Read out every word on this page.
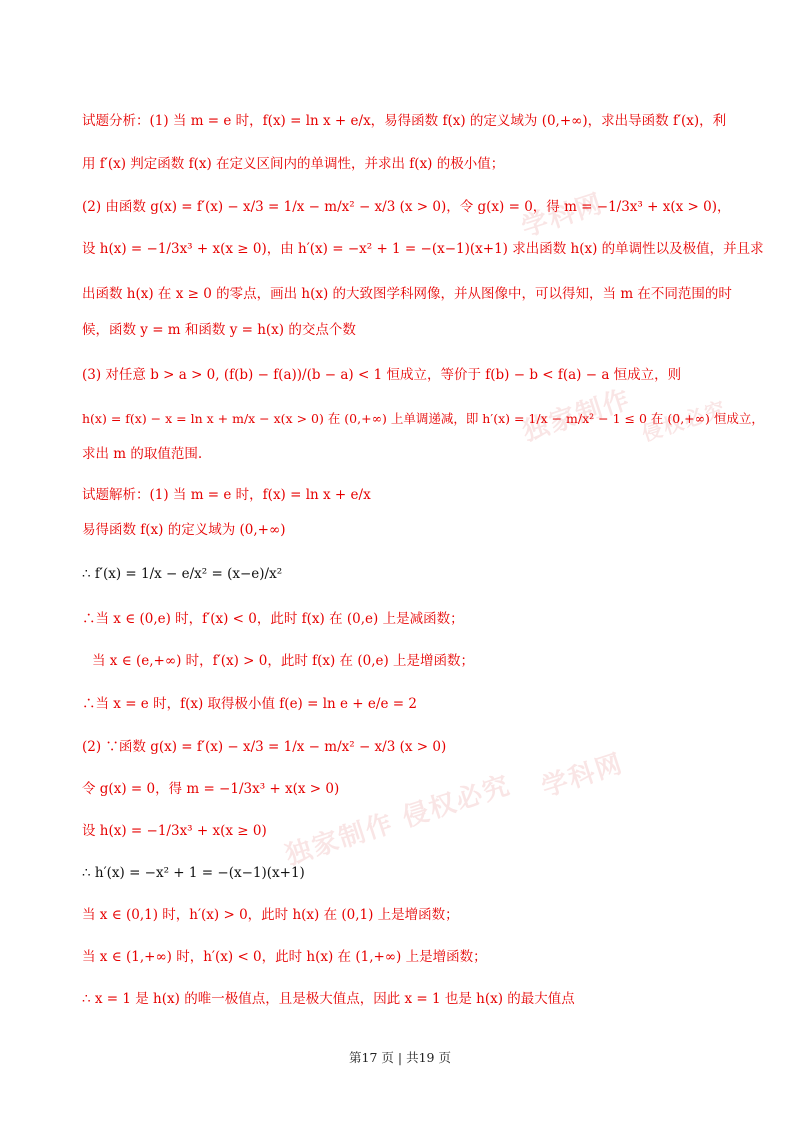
学科网
独家制作 侵权必究
学科网
独家制作 侵权必究
试题分析：(1) 当 m = e 时，f(x) = ln x + e/x，易得函数 f(x) 的定义域为 (0,+∞)，求出导函数 f′(x)，利
用 f′(x) 判定函数 f(x) 在定义区间内的单调性，并求出 f(x) 的极小值；
(2) 由函数 g(x) = f′(x) − x/3 = 1/x − m/x² − x/3 (x > 0)，令 g(x) = 0，得 m = −1/3x³ + x(x > 0)，
设 h(x) = −1/3x³ + x(x ≥ 0)，由 h′(x) = −x² + 1 = −(x−1)(x+1) 求出函数 h(x) 的单调性以及极值，并且求
出函数 h(x) 在 x ≥ 0 的零点，画出 h(x) 的大致图学科网像，并从图像中，可以得知，当 m 在不同范围的时
候，函数 y = m 和函数 y = h(x) 的交点个数
(3) 对任意 b > a > 0, (f(b) − f(a))/(b − a) < 1 恒成立，等价于 f(b) − b < f(a) − a 恒成立，则
h(x) = f(x) − x = ln x + m/x − x(x > 0) 在 (0,+∞) 上单调递减，即 h′(x) = 1/x − m/x² − 1 ≤ 0 在 (0,+∞) 恒成立，
求出 m 的取值范围.
试题解析：(1) 当 m = e 时，f(x) = ln x + e/x
易得函数 f(x) 的定义域为 (0,+∞)
∴ f′(x) = 1/x − e/x² = (x−e)/x²
∴当 x ∈ (0,e) 时，f′(x) < 0，此时 f(x) 在 (0,e) 上是减函数；
当 x ∈ (e,+∞) 时，f′(x) > 0，此时 f(x) 在 (0,e) 上是增函数；
∴当 x = e 时，f(x) 取得极小值 f(e) = ln e + e/e = 2
(2) ∵函数 g(x) = f′(x) − x/3 = 1/x − m/x² − x/3 (x > 0)
令 g(x) = 0，得 m = −1/3x³ + x(x > 0)
设 h(x) = −1/3x³ + x(x ≥ 0)
∴ h′(x) = −x² + 1 = −(x−1)(x+1)
当 x ∈ (0,1) 时，h′(x) > 0，此时 h(x) 在 (0,1) 上是增函数；
当 x ∈ (1,+∞) 时，h′(x) < 0，此时 h(x) 在 (1,+∞) 上是增函数；
∴ x = 1 是 h(x) 的唯一极值点，且是极大值点，因此 x = 1 也是 h(x) 的最大值点
第17 页 | 共19 页
